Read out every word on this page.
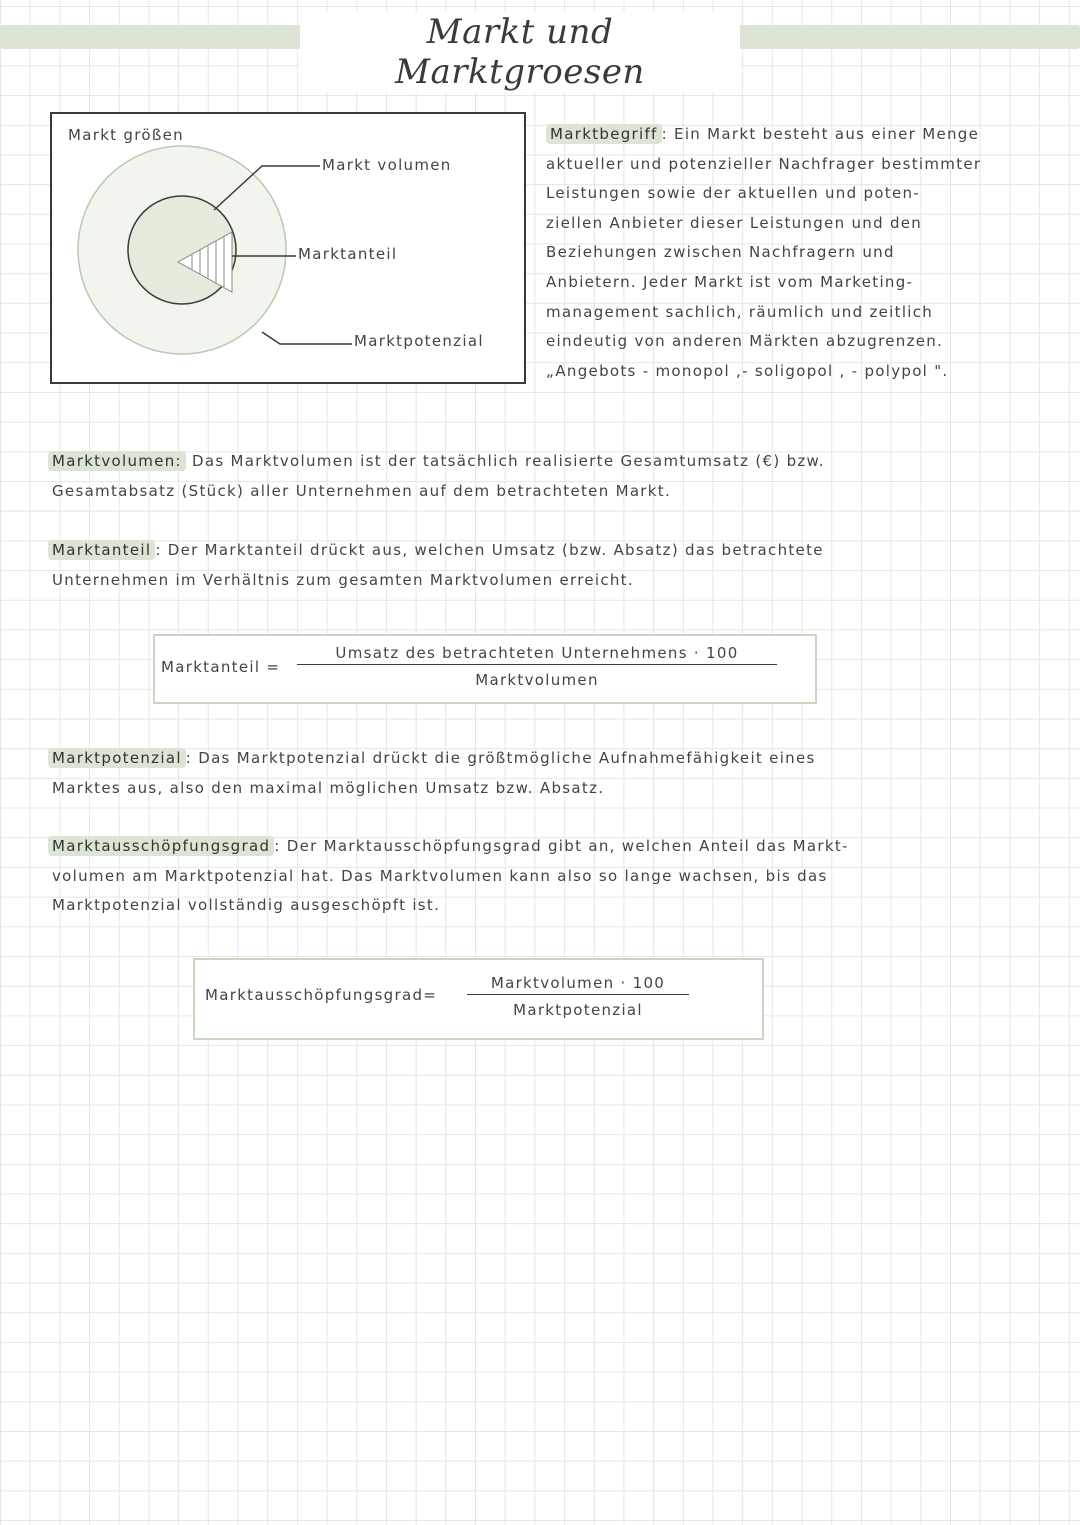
Markt und Marktgroesen
Markt größen
Markt volumen
Marktanteil
Marktpotenzial
Marktbegriff : Ein Markt besteht aus einer Menge
aktueller und potenzieller Nachfrager bestimmter
Leistungen sowie der aktuellen und poten-
ziellen Anbieter dieser Leistungen und den
Beziehungen zwischen Nachfragern und
Anbietern. Jeder Markt ist vom Marketing-
management sachlich, räumlich und zeitlich
eindeutig von anderen Märkten abzugrenzen.
„Angebots - monopol ,- soligopol , - polypol ".
Marktvolumen: Das Marktvolumen ist der tatsächlich realisierte Gesamtumsatz (€) bzw.
Gesamtabsatz (Stück) aller Unternehmen auf dem betrachteten Markt.
Marktanteil : Der Marktanteil drückt aus, welchen Umsatz (bzw. Absatz) das betrachtete
Unternehmen im Verhältnis zum gesamten Marktvolumen erreicht.
Marktanteil =
Umsatz des betrachteten Unternehmens · 100
Marktvolumen
Marktpotenzial : Das Marktpotenzial drückt die größtmögliche Aufnahmefähigkeit eines
Marktes aus, also den maximal möglichen Umsatz bzw. Absatz.
Marktausschöpfungsgrad : Der Marktausschöpfungsgrad gibt an, welchen Anteil das Markt-
volumen am Marktpotenzial hat. Das Marktvolumen kann also so lange wachsen, bis das
Marktpotenzial vollständig ausgeschöpft ist.
Marktausschöpfungsgrad=
Marktvolumen · 100
Marktpotenzial
